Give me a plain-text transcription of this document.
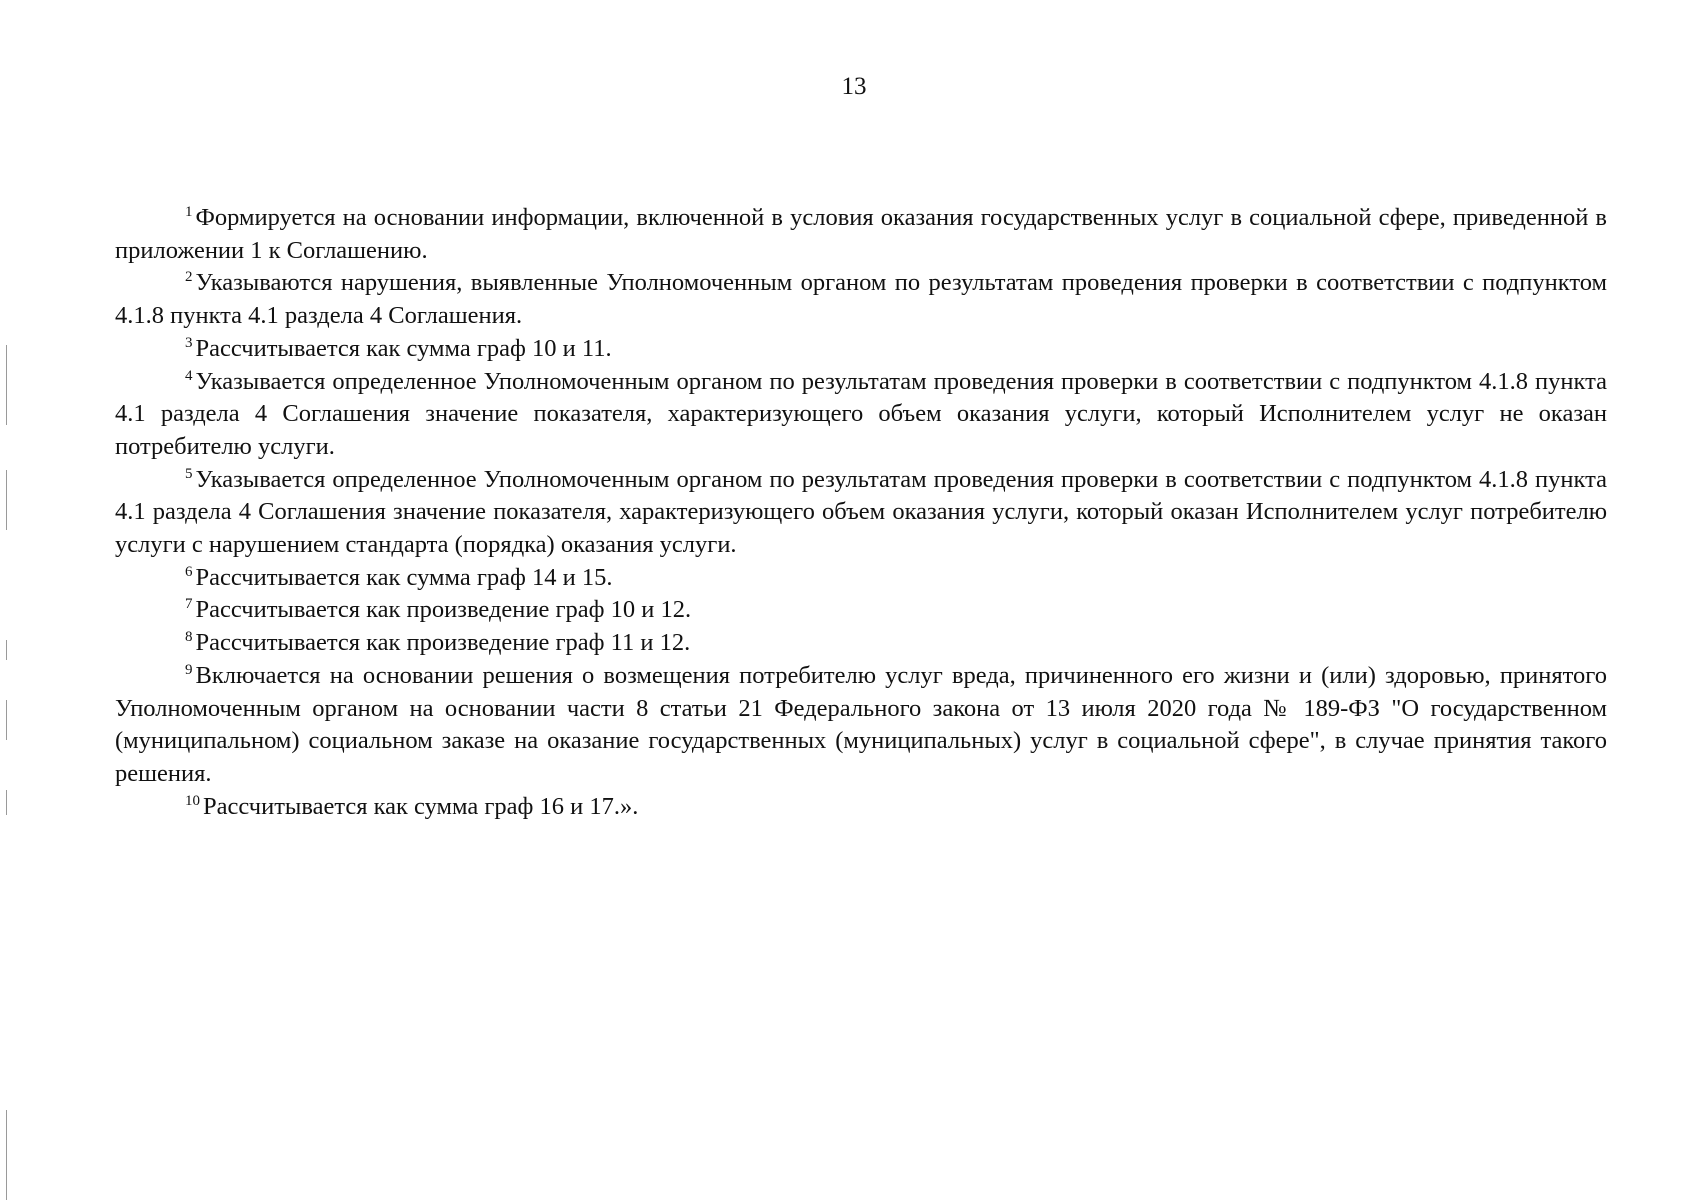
13

$^1$ Формируется на основании информации, включенной в условия оказания государственных услуг в социальной сфере, приведенной в приложении 1 к Соглашению.

$^2$ Указываются нарушения, выявленные Уполномоченным органом по результатам проведения проверки в соответствии с подпунктом 4.1.8 пункта 4.1 раздела 4 Соглашения.

$^3$ Рассчитывается как сумма граф 10 и 11.

$^4$ Указывается определенное Уполномоченным органом по результатам проведения проверки в соответствии с подпунктом 4.1.8 пункта 4.1 раздела 4 Соглашения значение показателя, характеризующего объем оказания услуги, который Исполнителем услуг не оказан потребителю услуги.

$^5$ Указывается определенное Уполномоченным органом по результатам проведения проверки в соответствии с подпунктом 4.1.8 пункта 4.1 раздела 4 Соглашения значение показателя, характеризующего объем оказания услуги, который оказан Исполнителем услуг потребителю услуги с нарушением стандарта (порядка) оказания услуги.

$^6$ Рассчитывается как сумма граф 14 и 15.

$^7$ Рассчитывается как произведение граф 10 и 12.

$^8$ Рассчитывается как произведение граф 11 и 12.

$^9$ Включается на основании решения о возмещения потребителю услуг вреда, причиненного его жизни и (или) здоровью, принятого Уполномоченным органом на основании части 8 статьи 21 Федерального закона от 13 июля 2020 года № 189-ФЗ "О государственном (муниципальном) социальном заказе на оказание государственных (муниципальных) услуг в социальной сфере", в случае принятия такого решения.

$^{10}$ Рассчитывается как сумма граф 16 и 17.».
